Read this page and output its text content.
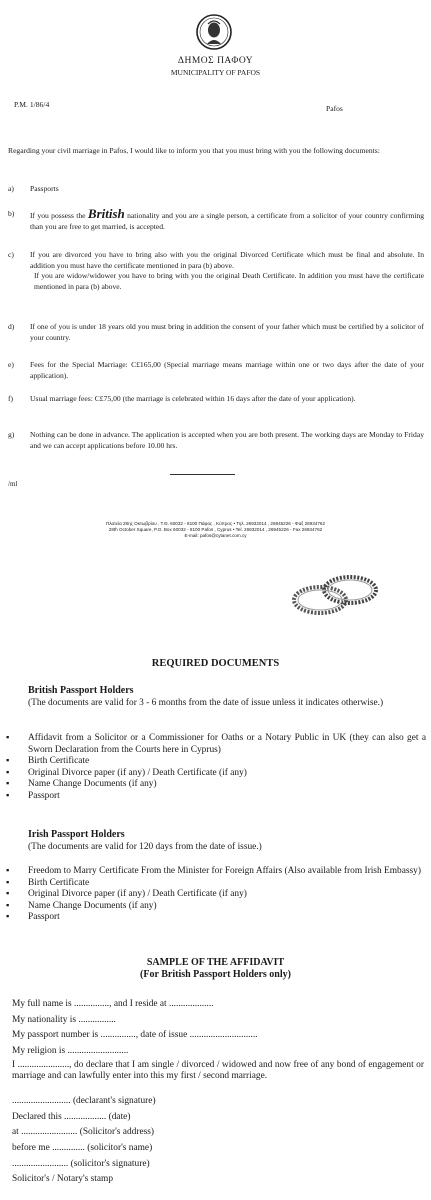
ΔΗΜΟΣ ΠΑΦΟΥ
MUNICIPALITY OF PAFOS
P.M. 1/86/4	Pafos
Regarding your civil marriage in Pafos, I would like to inform you that you must bring with you the following documents:
a)	Passports
b)	If you possess the British nationality and you are a single person, a certificate from a solicitor of your country confirming than you are free to get married, is accepted.
c)	If you are divorced you have to bring also with you the original Divorced Certificate which must be final and absolute. In addition you must have the certificate mentioned in para (b) above.
If you are widow/widower you have to bring with you the original Death Certificate. In addition you must have the certificate mentioned in para (b) above.
d)	If one of you is under 18 years old you must bring in addition the consent of your father which must be certified by a solicitor of your country.
e)	Fees for the Special Marriage: C£165,00 (Special marriage means marriage within one or two days after the date of your application).
f)	Usual marriage fees: C£75,00 (the marriage is celebrated within 16 days after the date of your application).
g)	Nothing can be done in advance. The application is accepted when you are both present. The working days are Monday to Friday and we can accept applications before 10.00 hrs.
/ml
Πλατεία 28ης Οκτωβρίου , Τ.Θ. 60032 - 8100 Πάφος , Κύπρος • Τηλ. 26932014 , 26945226 - Φαξ 26934762
28th October Square, P.O. Box 60032 - 8100 Pafos , Cyprus • Tel. 26932014 , 26945226 - Fax 26934762
E-mail: pafos@cytanet.com.cy
REQUIRED DOCUMENTS
British Passport Holders
(The documents are valid for 3 - 6 months from the date of issue unless it indicates otherwise.)
▪ Affidavit from a Solicitor or a Commissioner for Oaths or a Notary Public in UK (they can also get a Sworn Declaration from the Courts here in Cyprus)
▪ Birth Certificate
▪ Original Divorce paper (if any) / Death Certificate (if any)
▪ Name Change Documents (if any)
▪ Passport
Irish Passport Holders
(The documents are valid for 120 days from the date of issue.)
▪ Freedom to Marry Certificate From the Minister for Foreign Affairs (Also available from Irish Embassy)
▪ Birth Certificate
▪ Original Divorce paper (if any) / Death Certificate (if any)
▪ Name Change Documents (if any)
▪ Passport
SAMPLE OF THE AFFIDAVIT
(For British Passport Holders only)
My full name is ..............., and I reside at ...................
My nationality is ................
My passport number is ..............., date of issue .............................
My religion is ..........................
I ......................, do declare that I am single / divorced / widowed and now free of any bond of engagement or marriage and can lawfully enter into this my first / second marriage.
......................... (declarant's signature)
Declared this .................. (date)
at ........................ (Solicitor's address)
before me .............. (solicitor's name)
........................ (solicitor's signature)
Solicitor's / Notary's stamp
